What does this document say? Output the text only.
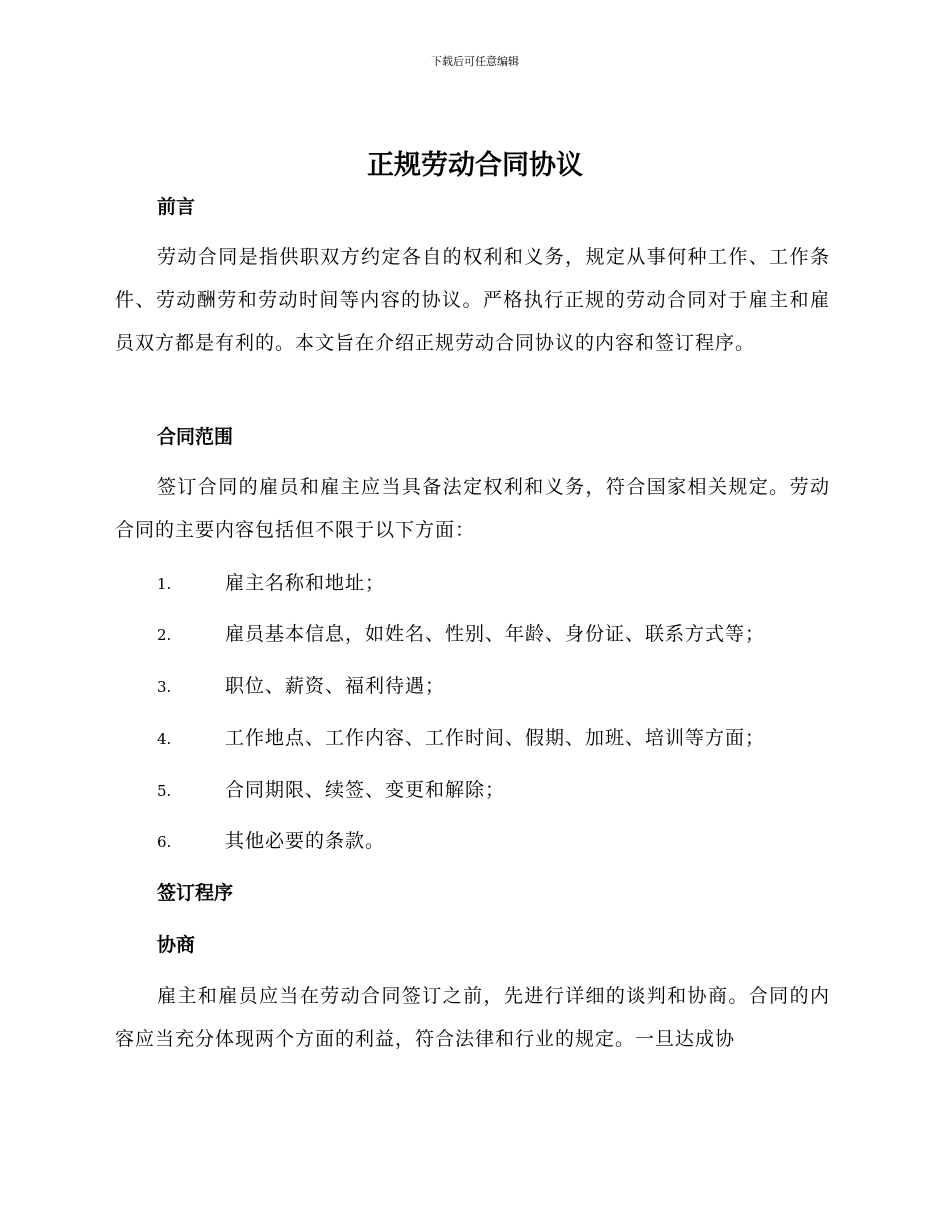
下载后可任意编辑
正规劳动合同协议
前言

劳动合同是指供职双方约定各自的权利和义务，规定从事何种工作、工作条件、劳动酬劳和劳动时间等内容的协议。严格执行正规的劳动合同对于雇主和雇员双方都是有利的。本文旨在介绍正规劳动合同协议的内容和签订程序。

合同范围

签订合同的雇员和雇主应当具备法定权利和义务，符合国家相关规定。劳动合同的主要内容包括但不限于以下方面：

1.	雇主名称和地址；
2.	雇员基本信息，如姓名、性别、年龄、身份证、联系方式等；
3.	职位、薪资、福利待遇；
4.	工作地点、工作内容、工作时间、假期、加班、培训等方面；
5.	合同期限、续签、变更和解除；
6.	其他必要的条款。
签订程序
协商

雇主和雇员应当在劳动合同签订之前，先进行详细的谈判和协商。合同的内容应当充分体现两个方面的利益，符合法律和行业的规定。一旦达成协
